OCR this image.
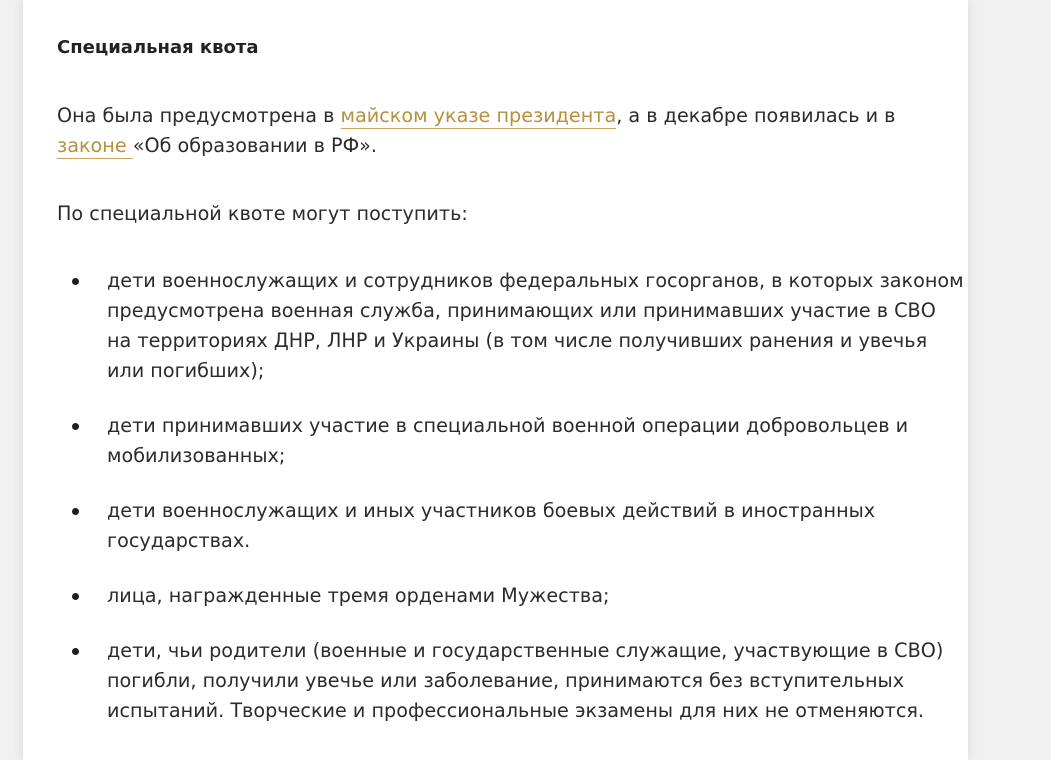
Специальная квота
Она была предусмотрена в майском указе президента, а в декабре появилась и в
законе «Об образовании в РФ».

По специальной квоте могут поступить:

дети военнослужащих и сотрудников федеральных госорганов, в которых законом
предусмотрена военная служба, принимающих или принимавших участие в СВО
на территориях ДНР, ЛНР и Украины (в том числе получивших ранения и увечья
или погибших);
дети принимавших участие в специальной военной операции добровольцев и
мобилизованных;
дети военнослужащих и иных участников боевых действий в иностранных
государствах.
лица, награжденные тремя орденами Мужества;
дети, чьи родители (военные и государственные служащие, участвующие в СВО)
погибли, получили увечье или заболевание, принимаются без вступительных
испытаний. Творческие и профессиональные экзамены для них не отменяются.
